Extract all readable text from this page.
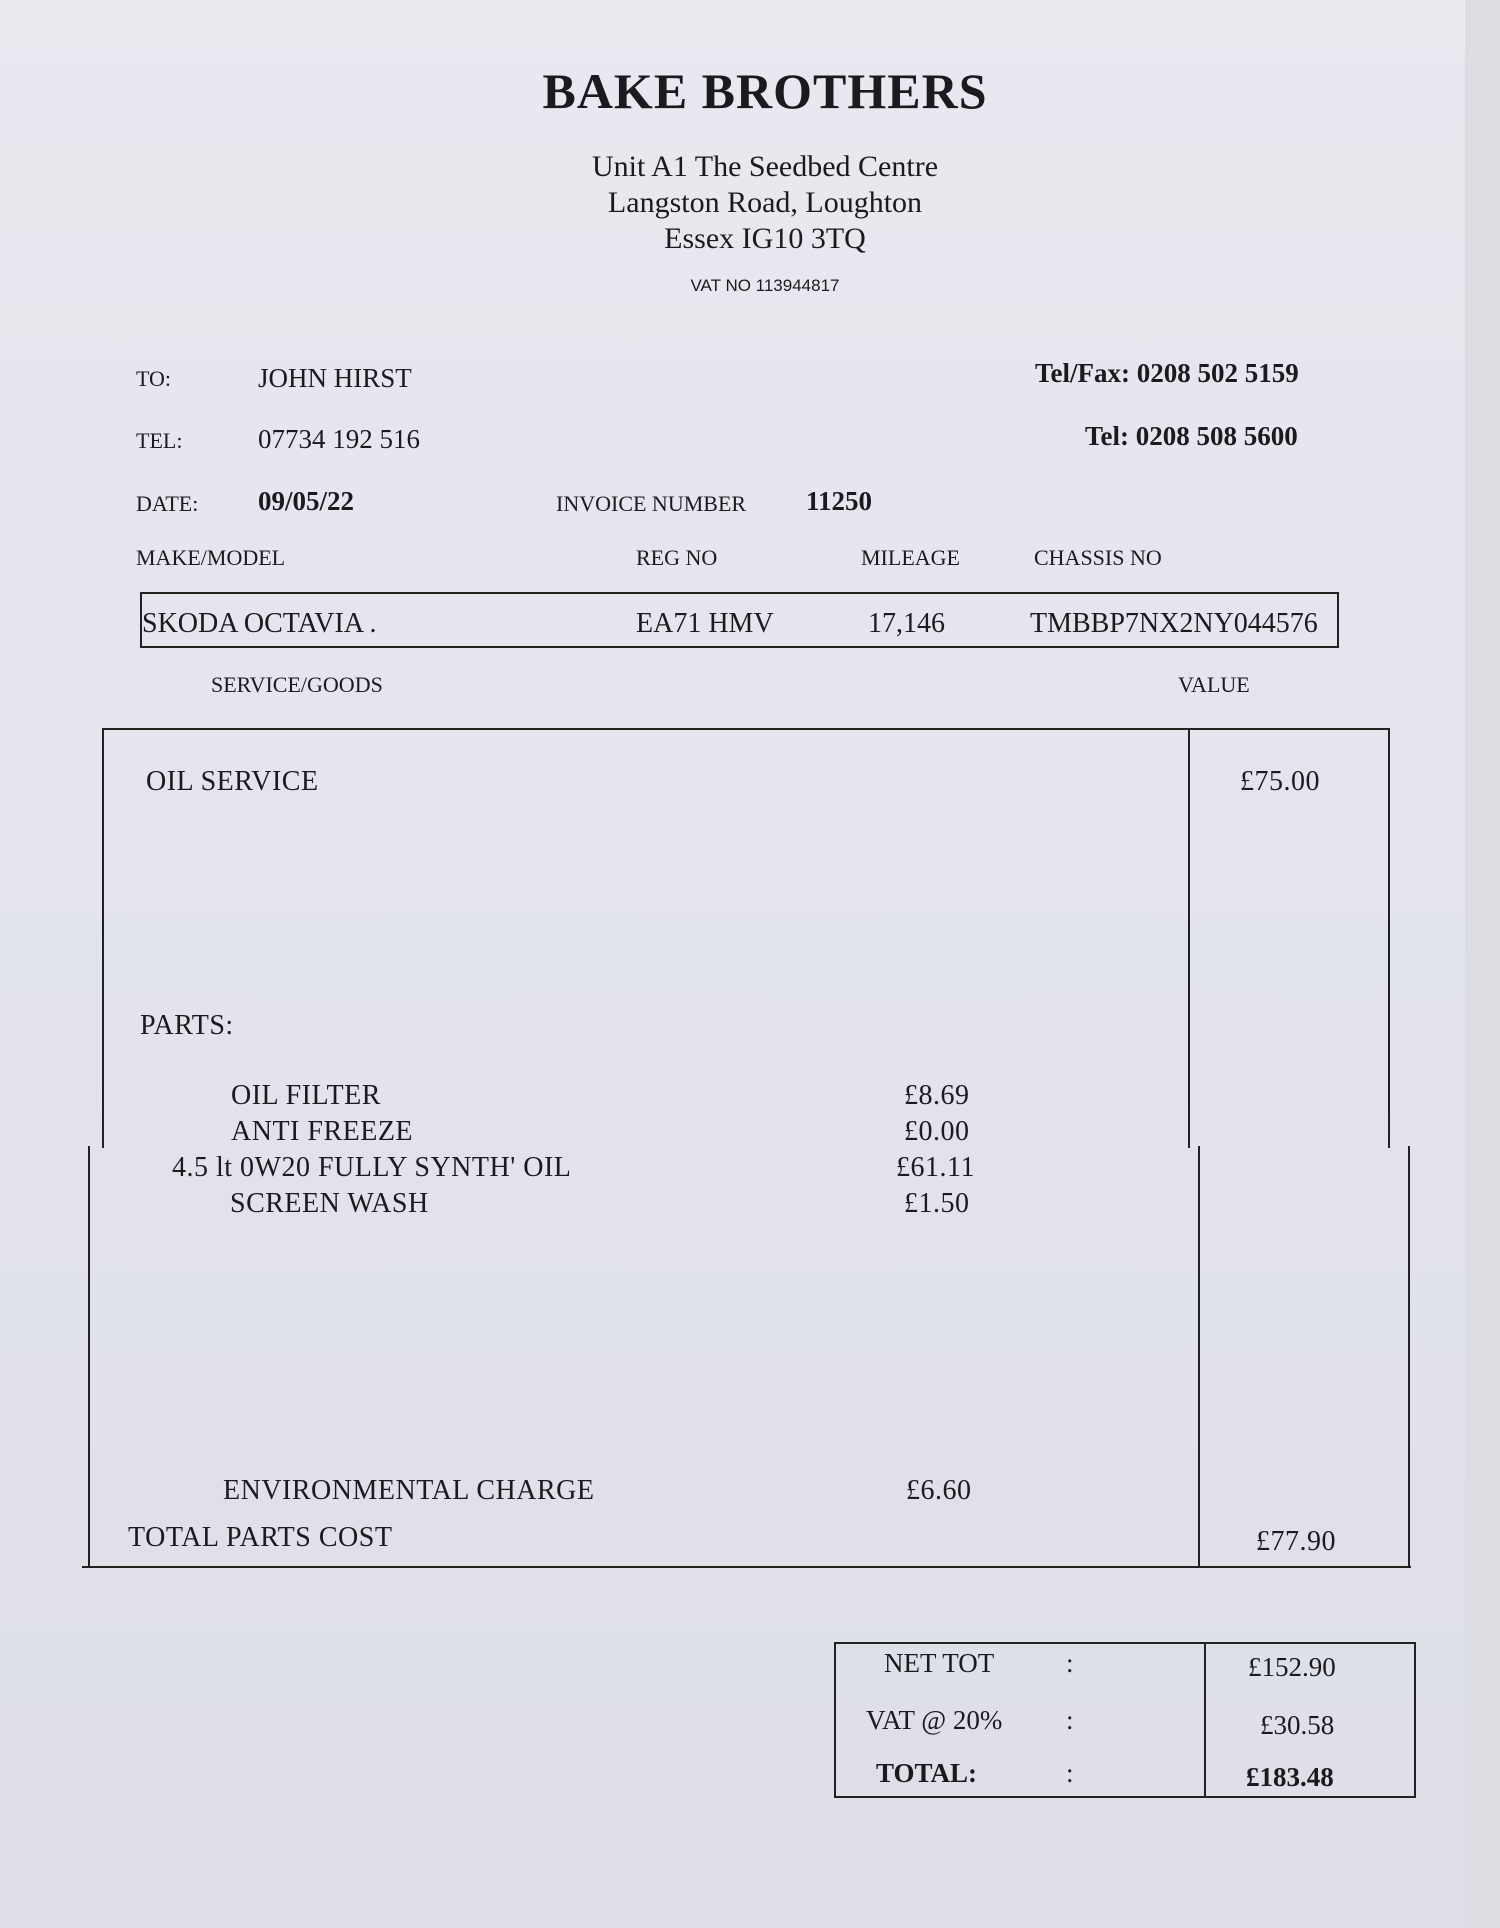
BAKE BROTHERS
Unit A1 The Seedbed Centre
Langston Road, Loughton
Essex IG10 3TQ
VAT NO 113944817
TO:	JOHN HIRST	Tel/Fax: 0208 502 5159
TEL:	07734 192 516	Tel: 0208 508 5600
DATE: 09/05/22	INVOICE NUMBER 11250
MAKE/MODEL	REG NO	MILEAGE	CHASSIS NO
SKODA OCTAVIA .	EA71 HMV	17,146	TMBBP7NX2NY044576
SERVICE/GOODS	VALUE
OIL SERVICE	£75.00
PARTS:
OIL FILTER	£8.69
ANTI FREEZE	£0.00
4.5 lt 0W20 FULLY SYNTH' OIL	£61.11
SCREEN WASH	£1.50
ENVIRONMENTAL CHARGE	£6.60
TOTAL PARTS COST	£77.90
NET TOT	:	£152.90
VAT @ 20% :	£30.58
TOTAL:	:	£183.48
